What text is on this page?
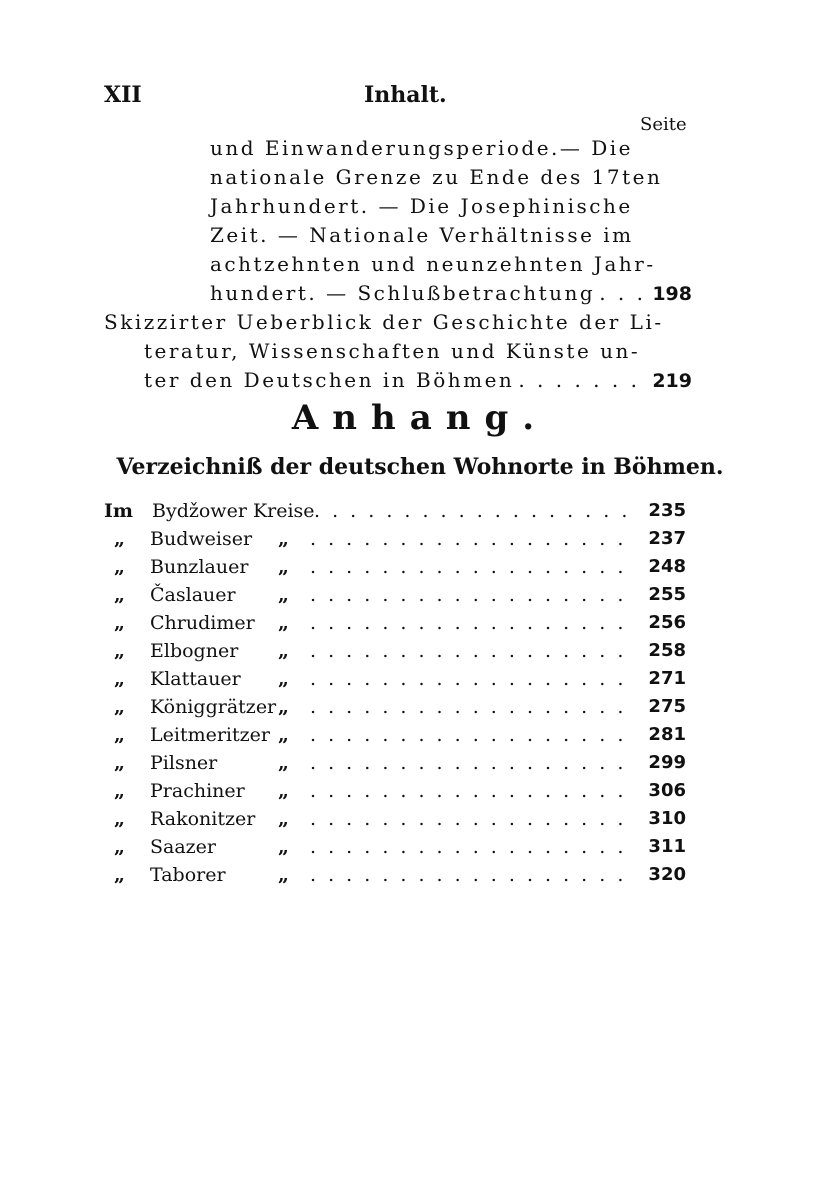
XII	Inhalt.
Seite
und Einwanderungsperiode.— Die
nationale Grenze zu Ende des 17ten
Jahrhundert. — Die Josephinische
Zeit. — Nationale Verhältnisse im
achtzehnten und neunzehnten Jahr-
hundert. — Schlußbetrachtung . . .	198
Skizzirter Ueberblick der Geschichte der Li-
teratur, Wissenschaften und Künste un-
ter den Deutschen in Böhmen . . .	219
Anhang.
Verzeichniß der deutschen Wohnorte in Böhmen.
Im Bydžower Kreise . . .	235
„ Budweiser „ . . .	237
„ Bunzlauer „ . . .	248
„ Časlauer „ . . .	255
„ Chrudimer „ . . .	256
„ Elbogner „ . . .	258
„ Klattauer „ . . .	271
„ Königgrätzer „ . . .	275
„ Leitmeritzer „ . . .	281
„ Pilsner	„ . . .	299
„ Prachiner „ . . .	306
„ Rakonitzer „ . . .	310
„ Saazer	„ . . .	311
„ Taborer	„ . . .	320
